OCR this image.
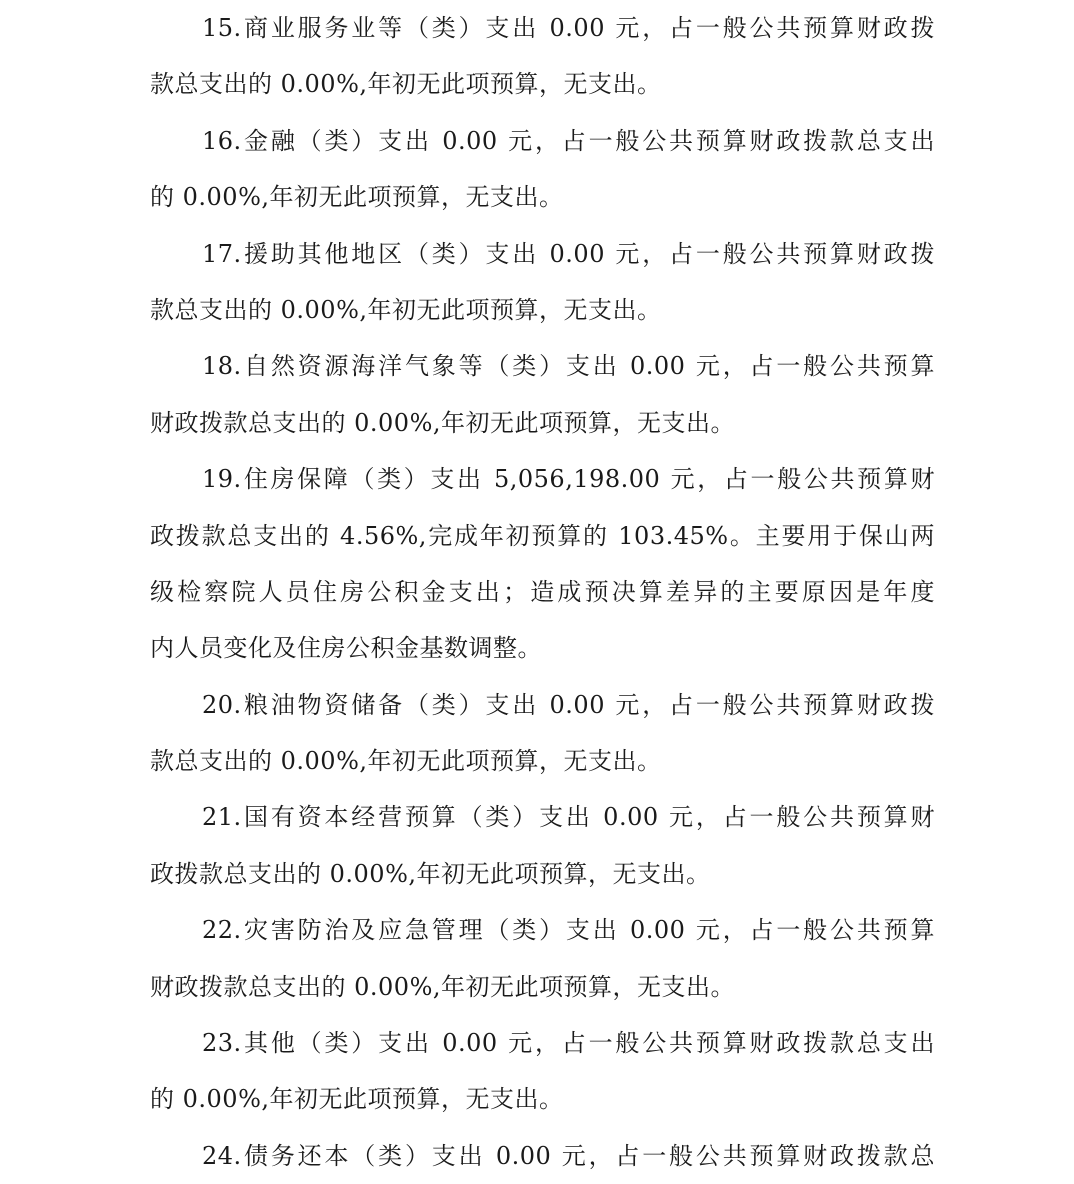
15.商业服务业等（类）支出 0.00 元，占一般公共预算财政拨
款总支出的 0.00%,年初无此项预算，无支出。
16.金融（类）支出 0.00 元，占一般公共预算财政拨款总支出
的 0.00%,年初无此项预算，无支出。
17.援助其他地区（类）支出 0.00 元，占一般公共预算财政拨
款总支出的 0.00%,年初无此项预算，无支出。
18.自然资源海洋气象等（类）支出 0.00 元，占一般公共预算
财政拨款总支出的 0.00%,年初无此项预算，无支出。
19.住房保障（类）支出 5,056,198.00 元，占一般公共预算财
政拨款总支出的 4.56%,完成年初预算的 103.45%。主要用于保山两
级检察院人员住房公积金支出；造成预决算差异的主要原因是年度
内人员变化及住房公积金基数调整。
20.粮油物资储备（类）支出 0.00 元，占一般公共预算财政拨
款总支出的 0.00%,年初无此项预算，无支出。
21.国有资本经营预算（类）支出 0.00 元，占一般公共预算财
政拨款总支出的 0.00%,年初无此项预算，无支出。
22.灾害防治及应急管理（类）支出 0.00 元，占一般公共预算
财政拨款总支出的 0.00%,年初无此项预算，无支出。
23.其他（类）支出 0.00 元，占一般公共预算财政拨款总支出
的 0.00%,年初无此项预算，无支出。
24.债务还本（类）支出 0.00 元，占一般公共预算财政拨款总
